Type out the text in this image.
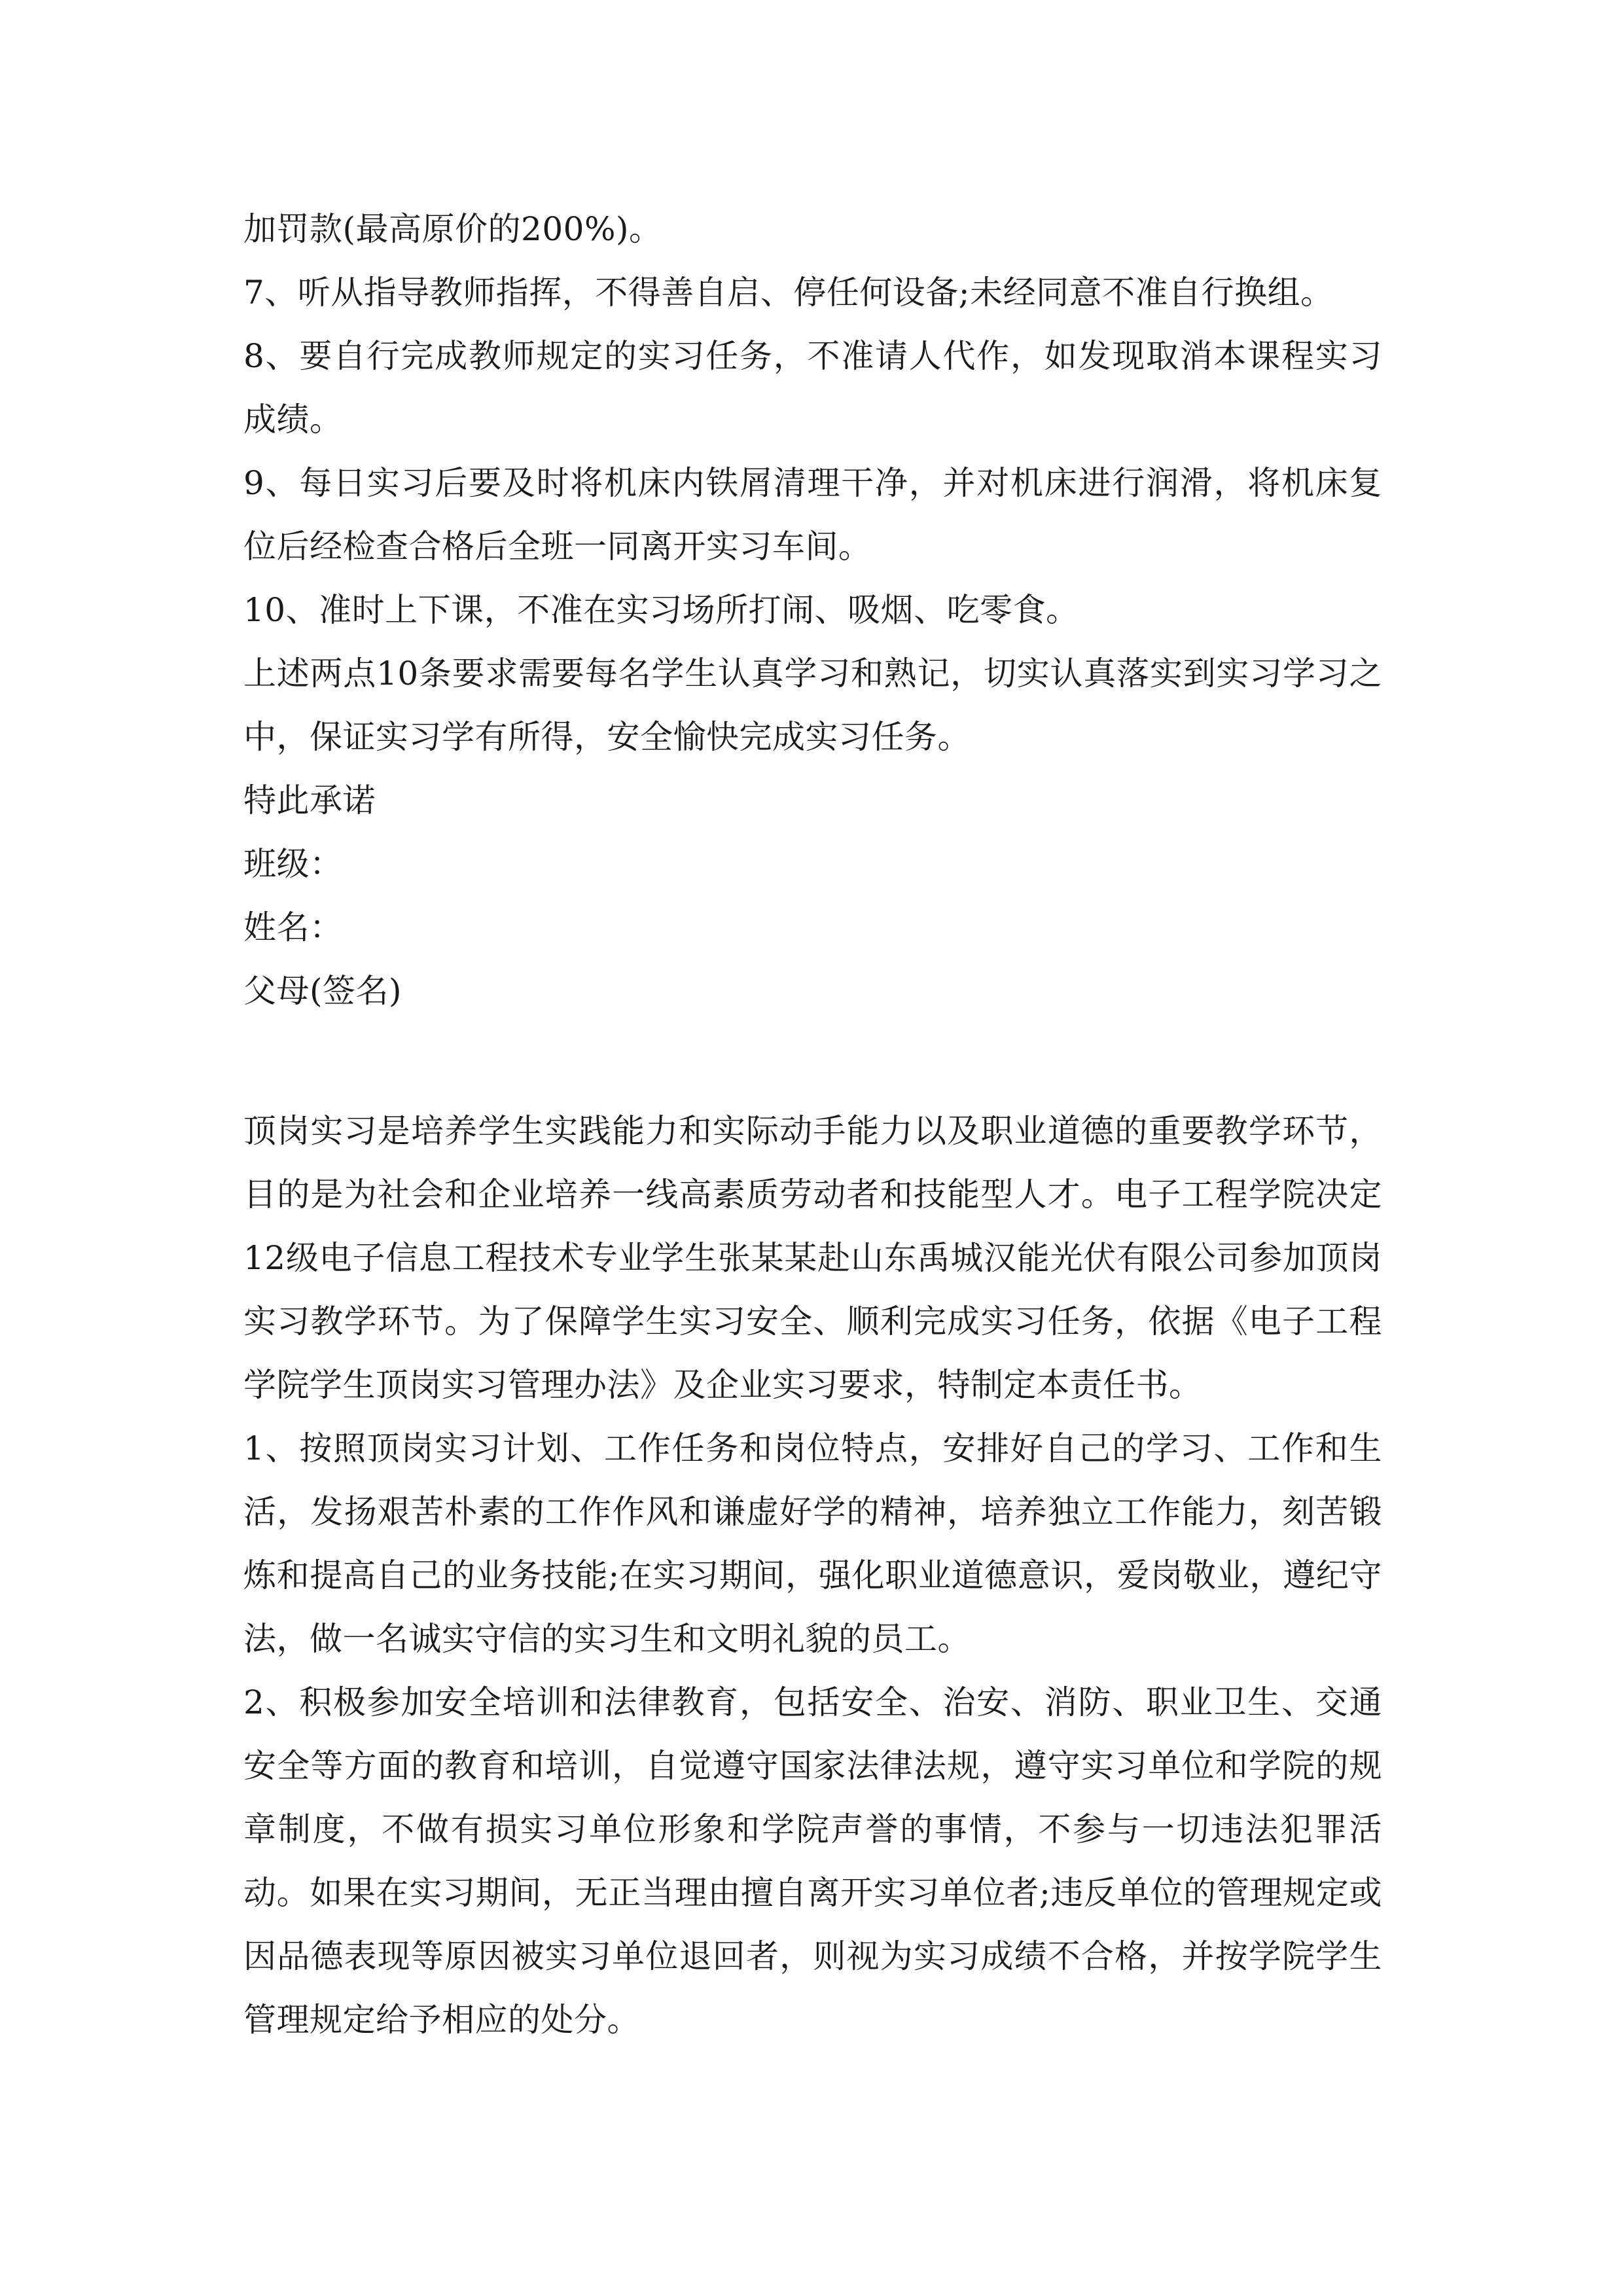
加罚款(最高原价的200%)。

7、听从指导教师指挥，不得善自启、停任何设备;未经同意不准自行换组。

8、要自行完成教师规定的实习任务，不准请人代作，如发现取消本课程实习成绩。

9、每日实习后要及时将机床内铁屑清理干净，并对机床进行润滑，将机床复位后经检查合格后全班一同离开实习车间。

10、准时上下课，不准在实习场所打闹、吸烟、吃零食。

上述两点10条要求需要每名学生认真学习和熟记，切实认真落实到实习学习之中，保证实习学有所得，安全愉快完成实习任务。

特此承诺

班级：

姓名：

父母(签名)

顶岗实习是培养学生实践能力和实际动手能力以及职业道德的重要教学环节，目的是为社会和企业培养一线高素质劳动者和技能型人才。电子工程学院决定12级电子信息工程技术专业学生张某某赴山东禹城汉能光伏有限公司参加顶岗实习教学环节。为了保障学生实习安全、顺利完成实习任务，依据《电子工程学院学生顶岗实习管理办法》及企业实习要求，特制定本责任书。

1、按照顶岗实习计划、工作任务和岗位特点，安排好自己的学习、工作和生活，发扬艰苦朴素的工作作风和谦虚好学的精神，培养独立工作能力，刻苦锻炼和提高自己的业务技能;在实习期间，强化职业道德意识，爱岗敬业，遵纪守法，做一名诚实守信的实习生和文明礼貌的员工。

2、积极参加安全培训和法律教育，包括安全、治安、消防、职业卫生、交通安全等方面的教育和培训，自觉遵守国家法律法规，遵守实习单位和学院的规章制度，不做有损实习单位形象和学院声誉的事情，不参与一切违法犯罪活动。如果在实习期间，无正当理由擅自离开实习单位者;违反单位的管理规定或因品德表现等原因被实习单位退回者，则视为实习成绩不合格，并按学院学生管理规定给予相应的处分。
